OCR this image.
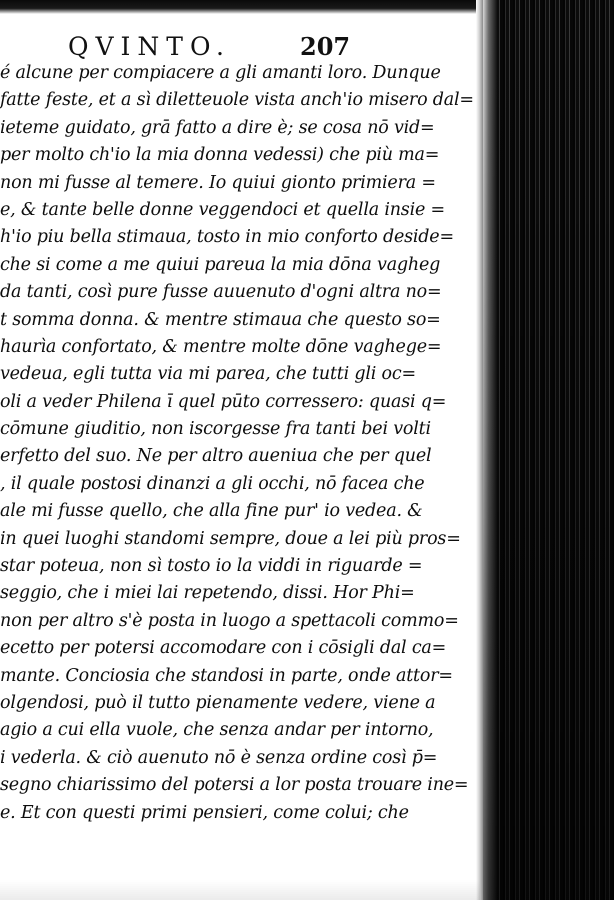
QVINTO.	207
é alcune per compiacere a gli amanti loro. Dunque
fatte feste, et a sì diletteuole vista anch'io misero dal=
ieteme guidato, grā fatto a dire è; se cosa nō vid=
per molto ch'io la mia donna vedessi) che più ma=
non mi fusse al temere. Io quiui gionto primiera =
e, & tante belle donne veggendoci et quella insie =
h'io piu bella stimaua, tosto in mio conforto deside=
che si come a me quiui pareua la mia dōna vagheg
da tanti, così pure fusse auuenuto d'ogni altra no=
t somma donna. & mentre stimaua che questo so=
haurìa confortato, & mentre molte dōne vaghege=
vedeua, egli tutta via mi parea, che tutti gli oc=
oli a veder Philena ī quel pūto corressero: quasi q=
cōmune giuditio, non iscorgesse fra tanti bei volti
erfetto del suo. Ne per altro aueniua che per quel
, il quale postosi dinanzi a gli occhi, nō facea che
ale mi fusse quello, che alla fine pur' io vedea. &
in quei luoghi standomi sempre, doue a lei più pros=
star poteua, non sì tosto io la viddi in riguarde =
seggio, che i miei lai repetendo, dissi. Hor Phi=
non per altro s'è posta in luogo a spettacoli commo=
ecetto per potersi accomodare con i cōsigli dal ca=
mante. Conciosia che standosi in parte, onde attor=
olgendosi, può il tutto pienamente vedere, viene a
agio a cui ella vuole, che senza andar per intorno,
i vederla. & ciò auenuto nō è senza ordine così p̄=
segno chiarissimo del potersi a lor posta trouare ine=
e. Et con questi primi pensieri, come colui; che
